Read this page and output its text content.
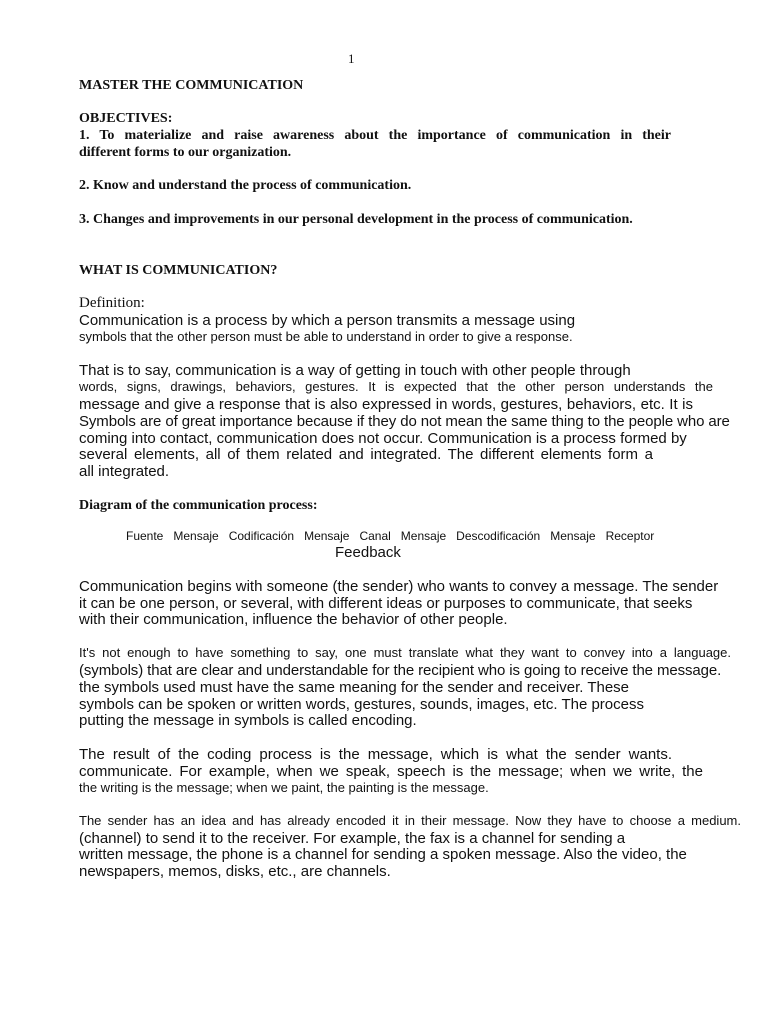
1
MASTER THE COMMUNICATION
OBJECTIVES:
1. To materialize and raise awareness about the importance of communication in their
different forms to our organization.
2. Know and understand the process of communication.
3. Changes and improvements in our personal development in the process of communication.
WHAT IS COMMUNICATION?
Definition:
Communication is a process by which a person transmits a message using
symbols that the other person must be able to understand in order to give a response.
That is to say, communication is a way of getting in touch with other people through
words, signs, drawings, behaviors, gestures. It is expected that the other person understands the
message and give a response that is also expressed in words, gestures, behaviors, etc. It is
Symbols are of great importance because if they do not mean the same thing to the people who are
coming into contact, communication does not occur. Communication is a process formed by
several elements, all of them related and integrated. The different elements form a
all integrated.
Diagram of the communication process:
Fuente   Mensaje   Codificación   Mensaje   Canal   Mensaje   Descodificación   Mensaje   Receptor
Feedback
Communication begins with someone (the sender) who wants to convey a message. The sender
it can be one person, or several, with different ideas or purposes to communicate, that seeks
with their communication, influence the behavior of other people.
It's not enough to have something to say, one must translate what they want to convey into a language.
(symbols) that are clear and understandable for the recipient who is going to receive the message.
the symbols used must have the same meaning for the sender and receiver. These
symbols can be spoken or written words, gestures, sounds, images, etc. The process
putting the message in symbols is called encoding.
The result of the coding process is the message, which is what the sender wants.
communicate. For example, when we speak, speech is the message; when we write, the
the writing is the message; when we paint, the painting is the message.
The sender has an idea and has already encoded it in their message. Now they have to choose a medium.
(channel) to send it to the receiver. For example, the fax is a channel for sending a
written message, the phone is a channel for sending a spoken message. Also the video, the
newspapers, memos, disks, etc., are channels.
